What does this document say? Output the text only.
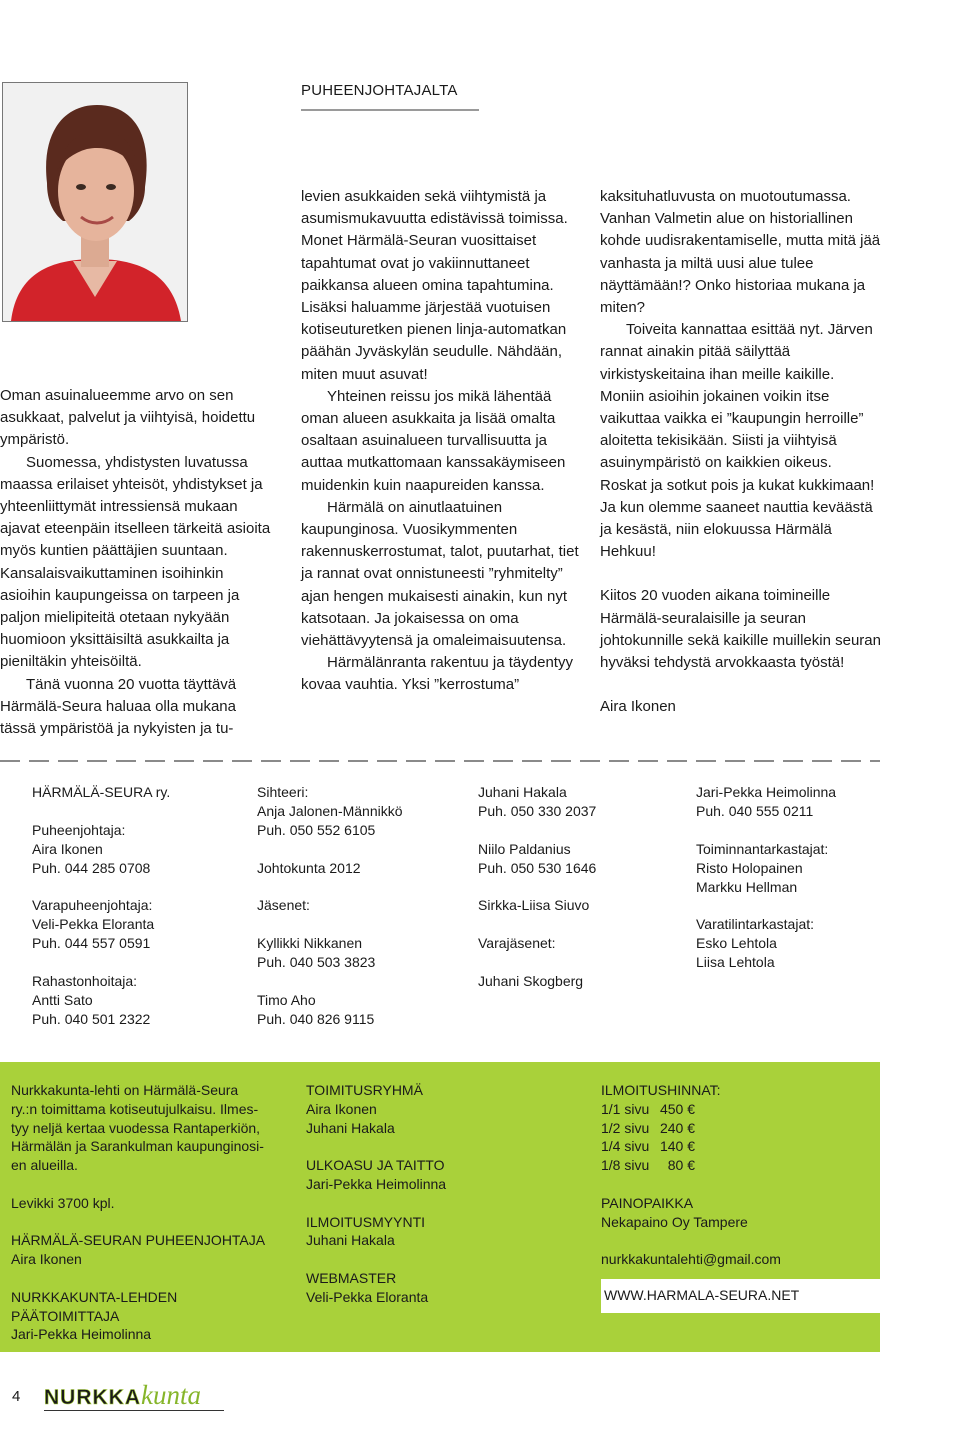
PUHEENJOHTAJALTA

Oman asuinalueemme arvo on sen asukkaat, palvelut ja viihtyisä, hoidettu ympäristö.

Suomessa, yhdistysten luvatussa maassa erilaiset yhteisöt, yhdistykset ja yhteenliittymät intressiensä mukaan ajavat eteenpäin itselleen tärkeitä asioita myös kuntien päättäjien suuntaan. Kansalaisvaikuttaminen isoihinkin asioihin kaupungeissa on tarpeen ja paljon mielipiteitä otetaan nykyään huomioon yksittäisiltä asukkailta ja pieniltäkin yhteisöiltä.

Tänä vuonna 20 vuotta täyttävä Härmälä-Seura haluaa olla mukana tässä ympäristöä ja nykyisten ja tu-

levien asukkaiden sekä viihtymistä ja asumismukavuutta edistävissä toimissa. Monet Härmälä-Seuran vuosittaiset tapahtumat ovat jo vakiinnuttaneet paikkansa alueen omina tapahtumina. Lisäksi haluamme järjestää vuotuisen kotiseuturetken pienen linja-automatkan päähän Jyväskylän seudulle. Nähdään, miten muut asuvat!

Yhteinen reissu jos mikä lähentää oman alueen asukkaita ja lisää omalta osaltaan asuinalueen turvallisuutta ja auttaa mutkattomaan kanssakäymiseen muidenkin kuin naapureiden kanssa.

Härmälä on ainutlaatuinen kaupunginosa. Vuosikymmenten rakennuskerrostumat, talot, puutarhat, tiet ja rannat ovat onnistuneesti ”ryhmitelty” ajan hengen mukaisesti ainakin, kun nyt katsotaan. Ja jokaisessa on oma viehättävyytensä ja omaleimaisuutensa.

Härmälänranta rakentuu ja täydentyy kovaa vauhtia. Yksi ”kerrostuma”

kaksituhatluvusta on muotoutumassa. Vanhan Valmetin alue on historiallinen kohde uudisrakentamiselle, mutta mitä jää vanhasta ja miltä uusi alue tulee näyttämään!? Onko historiaa mukana ja miten?

Toiveita kannattaa esittää nyt. Järven rannat ainakin pitää säilyttää virkistyskeitaina ihan meille kaikille. Moniin asioihin jokainen voikin itse vaikuttaa vaikka ei ”kaupungin herroille” aloitetta tekisikään. Siisti ja viihtyisä asuinympäristö on kaikkien oikeus. Roskat ja sotkut pois ja kukat kukkimaan! Ja kun olemme saaneet nauttia keväästä ja kesästä, niin elokuussa Härmälä Hehkuu!

Kiitos 20 vuoden aikana toimineille Härmälä-seuralaisille ja seuran johtokunnille sekä kaikille muillekin seuran hyväksi tehdystä arvokkaasta työstä!

Aira Ikonen

HÄRMÄLÄ-SEURA ry.
Puheenjohtaja:
Aira Ikonen
Puh. 044 285 0708
Varapuheenjohtaja:
Veli-Pekka Eloranta
Puh. 044 557 0591
Rahastonhoitaja:
Antti Sato
Puh. 040 501 2322
Sihteeri:
Anja Jalonen-Männikkö
Puh. 050 552 6105
Johtokunta 2012
Jäsenet:
Kyllikki Nikkanen
Puh. 040 503 3823
Timo Aho
Puh. 040 826 9115
Juhani Hakala
Puh. 050 330 2037
Niilo Paldanius
Puh. 050 530 1646
Sirkka-Liisa Siuvo
Varajäsenet:
Juhani Skogberg
Jari-Pekka Heimolinna
Puh. 040 555 0211
Toiminnantarkastajat:
Risto Holopainen
Markku Hellman
Varatilintarkastajat:
Esko Lehtola
Liisa Lehtola
Nurkkakunta-lehti on Härmälä-Seura
ry.:n toimittama kotiseutujulkaisu. Ilmes-
tyy neljä kertaa vuodessa Rantaperkiön,
Härmälän ja Sarankulman kaupunginosi-
en alueilla.
Levikki 3700 kpl.
HÄRMÄLÄ-SEURAN PUHEENJOHTAJA
Aira Ikonen
NURKKAKUNTA-LEHDEN
PÄÄTOIMITTAJA
Jari-Pekka Heimolinna
TOIMITUSRYHMÄ
Aira Ikonen
Juhani Hakala
ULKOASU JA TAITTO
Jari-Pekka Heimolinna
ILMOITUSMYYNTI
Juhani Hakala
WEBMASTER
Veli-Pekka Eloranta
ILMOITUSHINNAT:
1/1 sivu 450 €
1/2 sivu 240 €
1/4 sivu 140 €
1/8 sivu	80 €
PAINOPAIKKA
Nekapaino Oy Tampere
nurkkakuntalehti@gmail.com
WWW.HARMALA-SEURA.NET
4 NURKKAkunta
